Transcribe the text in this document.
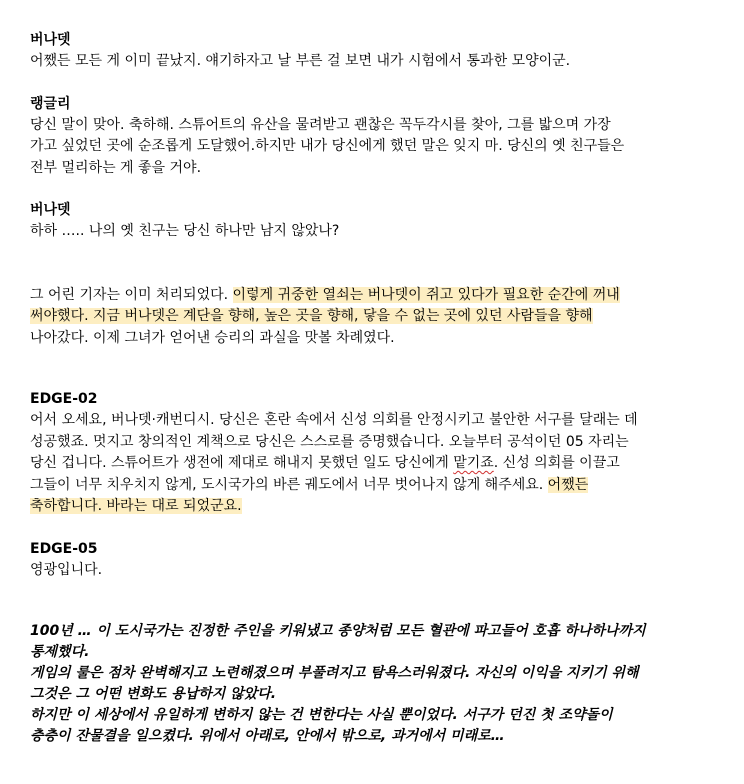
버나뎃

어쨌든 모든 게 이미 끝났지. 얘기하자고 날 부른 걸 보면 내가 시험에서 통과한 모양이군.

랭글리

당신 말이 맞아. 축하해. 스튜어트의 유산을 물려받고 괜찮은 꼭두각시를 찾아, 그를 밟으며 가장

가고 싶었던 곳에 순조롭게 도달했어.하지만 내가 당신에게 했던 말은 잊지 마. 당신의 옛 친구들은

전부 멀리하는 게 좋을 거야.

버나뎃

하하 ….. 나의 옛 친구는 당신 하나만 남지 않았나?

그 어린 기자는 이미 처리되었다. 이렇게 귀중한 열쇠는 버나뎃이 쥐고 있다가 필요한 순간에 꺼내

써야했다. 지금 버나뎃은 계단을 향해, 높은 곳을 향해, 닿을 수 없는 곳에 있던 사람들을 향해

나아갔다. 이제 그녀가 얻어낸 승리의 과실을 맛볼 차례였다.

EDGE-02

어서 오세요, 버나뎃·캐번디시. 당신은 혼란 속에서 신성 의회를 안정시키고 불안한 서구를 달래는 데

성공했죠. 멋지고 창의적인 계책으로 당신은 스스로를 증명했습니다. 오늘부터 공석이던 05 자리는

당신 겁니다. 스튜어트가 생전에 제대로 해내지 못했던 일도 당신에게 맡기죠. 신성 의회를 이끌고

그들이 너무 치우치지 않게, 도시국가의 바른 궤도에서 너무 벗어나지 않게 해주세요. 어쨌든

축하합니다. 바라는 대로 되었군요.

EDGE-05

영광입니다.

100년 … 이 도시국가는 진정한 주인을 키워냈고 종양처럼 모든 혈관에 파고들어 호흡 하나하나까지

통제했다.

게임의 룰은 점차 완벽해지고 노련해졌으며 부풀려지고 탐욕스러워졌다. 자신의 이익을 지키기 위해

그것은 그 어떤 변화도 용납하지 않았다.

하지만 이 세상에서 유일하게 변하지 않는 건 변한다는 사실 뿐이었다. 서구가 던진 첫 조약돌이

층층이 잔물결을 일으켰다. 위에서 아래로, 안에서 밖으로, 과거에서 미래로…
